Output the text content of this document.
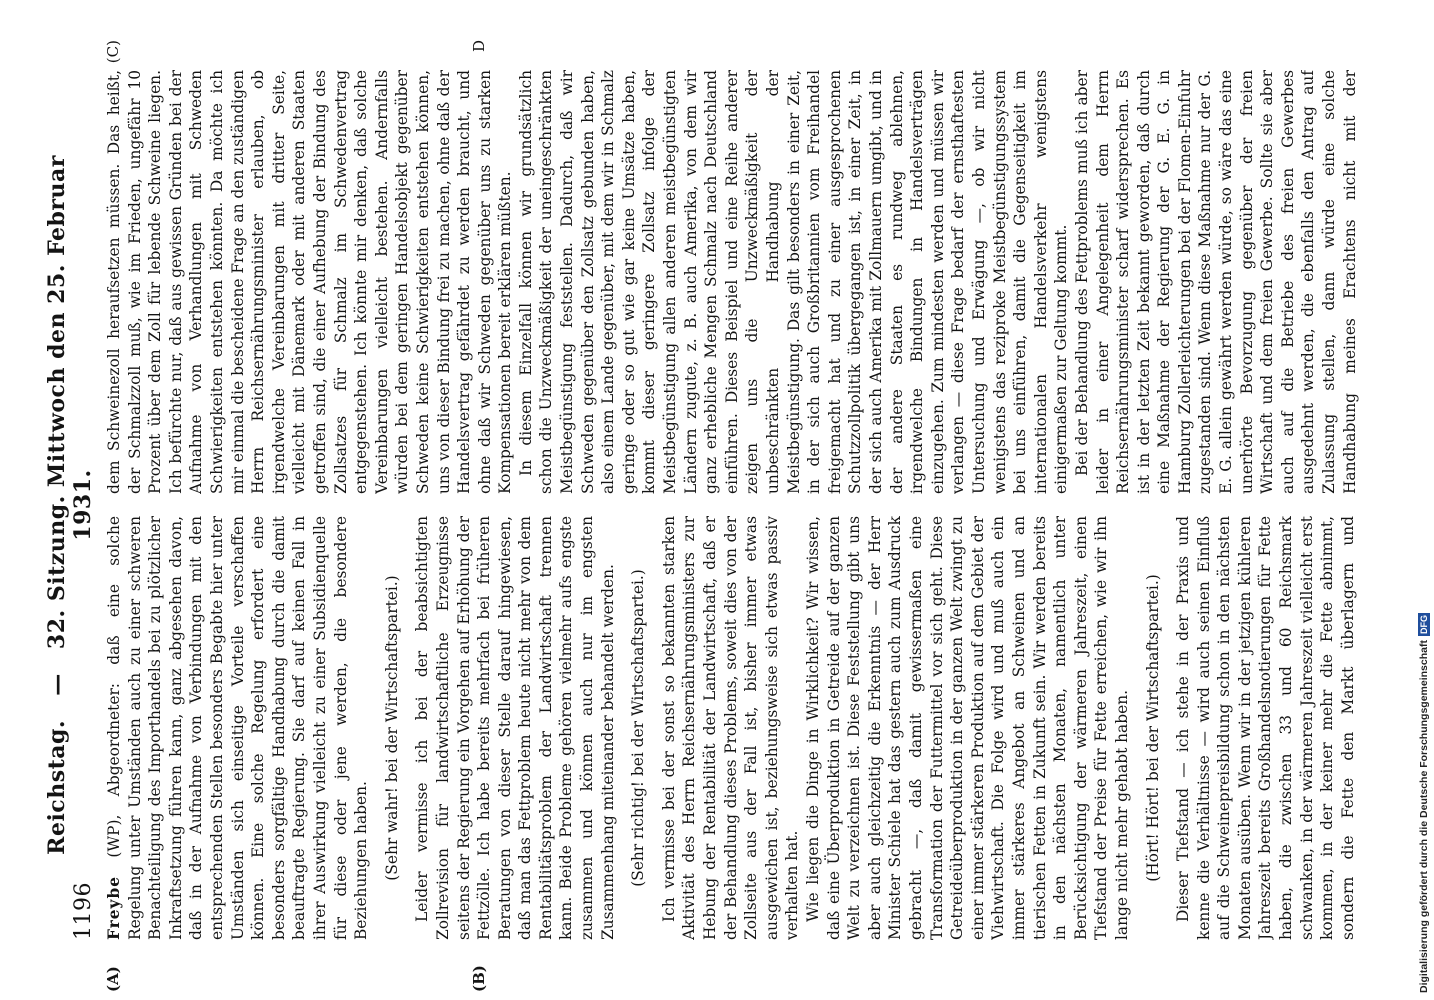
1196
Reichstag. — 32. Sitzung. Mittwoch den 25. Februar 1931.
(A)	(B)
(C)	D

Freybe (WP), Abgeordneter: daß eine solche Regelung unter Umständen auch zu einer schweren Benachteiligung des Importhandels bei zu plötzlicher Inkraftsetzung führen kann, ganz abgesehen davon, daß in der Aufnahme von Verbindungen mit den entsprechenden Stellen besonders Begabte hier unter Umständen sich einseitige Vorteile verschaffen können. Eine solche Regelung erfordert eine besonders sorgfältige Handhabung durch die damit beauftragte Regierung. Sie darf auf keinen Fall in ihrer Auswirkung vielleicht zu einer Subsidienquelle für diese oder jene werden, die besondere Beziehungen haben. (Sehr wahr! bei der Wirtschaftspartei.) Leider vermisse ich bei der beabsichtigten Zollrevision für landwirtschaftliche Erzeugnisse seitens der Regierung ein Vorgehen auf Erhöhung der Fettzölle. Ich habe bereits mehrfach bei früheren Beratungen von dieser Stelle darauf hingewiesen, daß man das Fettproblem heute nicht mehr von dem Rentabilitätsproblem der Landwirtschaft trennen kann. Beide Probleme gehören vielmehr aufs engste zusammen und können auch nur im engsten Zusammenhang miteinander behandelt werden. (Sehr richtig! bei der Wirtschaftspartei.) Ich vermisse bei der sonst so bekannten starken Aktivität des Herrn Reichsernährungsministers zur Hebung der Rentabilität der Landwirtschaft, daß er der Behandlung dieses Problems, soweit dies von der Zollseite aus der Fall ist, bisher immer etwas ausgewichen ist, beziehungsweise sich etwas passiv verhalten hat. Wie liegen die Dinge in Wirklichkeit? Wir wissen, daß eine Überproduktion in Getreide auf der ganzen Welt zu verzeichnen ist. Diese Feststellung gibt uns aber auch gleichzeitig die Erkenntnis — der Herr Minister Schiele hat das gestern auch zum Ausdruck gebracht —, daß damit gewissermaßen eine Transformation der Futtermittel vor sich geht. Diese Getreideüberproduktion in der ganzen Welt zwingt zu einer immer stärkeren Produktion auf dem Gebiet der Viehwirtschaft. Die Folge wird und muß auch ein immer stärkeres Angebot an Schweinen und an tierischen Fetten in Zukunft sein. Wir werden bereits in den nächsten Monaten, namentlich unter Berücksichtigung der wärmeren Jahreszeit, einen Tiefstand der Preise für Fette erreichen, wie wir ihn lange nicht mehr gehabt haben. (Hört! Hört! bei der Wirtschaftspartei.)

Dieser Tiefstand — ich stehe in der Praxis und kenne die Verhältnisse — wird auch seinen Einfluß auf die Schweinepreisbildung schon in den nächsten Monaten ausüben. Wenn wir in der jetzigen kühleren Jahreszeit bereits Großhandelsnotierungen für Fette haben, die zwischen 33 und 60 Reichsmark schwanken, in der wärmeren Jahreszeit vielleicht erst kommen, in der keiner mehr die Fette abnimmt, sondern die Fette den Markt überlagern und

dem Schweinezoll heraufsetzen müssen. Das heißt, der Schmalzzoll muß, wie im Frieden, ungefähr 10 Prozent über dem Zoll für lebende Schweine liegen. Ich befürchte nur, daß aus gewissen Gründen bei der Aufnahme von Verhandlungen mit Schweden Schwierigkeiten entstehen könnten. Da möchte ich mir einmal die bescheidene Frage an den zuständigen Herrn Reichsernährungsminister erlauben, ob irgendwelche Vereinbarungen mit dritter Seite, vielleicht mit Dänemark oder mit anderen Staaten getroffen sind, die einer Aufhebung der Bindung des Zollsatzes für Schmalz im Schwedenvertrag entgegenstehen. Ich könnte mir denken, daß solche Vereinbarungen vielleicht bestehen. Andernfalls würden bei dem geringen Handelsobjekt gegenüber Schweden keine Schwierigkeiten entstehen können, uns von dieser Bindung frei zu machen, ohne daß der Handelsvertrag gefährdet zu werden braucht, und ohne daß wir Schweden gegenüber uns zu starken Kompensationen bereit erklären müßten. In diesem Einzelfall können wir grundsätzlich schon die Unzweckmäßigkeit der uneingeschränkten Meistbegünstigung feststellen. Dadurch, daß wir Schweden gegenüber den Zollsatz gebunden haben, also einem Lande gegenüber, mit dem wir in Schmalz geringe oder so gut wie gar keine Umsätze haben, kommt dieser geringere Zollsatz infolge der Meistbegünstigung allen anderen meistbegünstigten Ländern zugute, z. B. auch Amerika, von dem wir ganz erhebliche Mengen Schmalz nach Deutschland einführen. Dieses Beispiel und eine Reihe anderer zeigen uns die Unzweckmäßigkeit der unbeschränkten Handhabung der Meistbegünstigung. Das gilt besonders in einer Zeit, in der sich auch Großbritannien vom Freihandel freigemacht hat und zu einer ausgesprochenen Schutzzollpolitik übergegangen ist, in einer Zeit, in der sich auch Amerika mit Zollmauern umgibt, und in der andere Staaten es rundweg ablehnen, irgendwelche Bindungen in Handelsverträgen einzugehen. Zum mindesten werden und müssen wir verlangen — diese Frage bedarf der ernsthaftesten Untersuchung und Erwägung —, ob wir nicht wenigstens das reziproke Meistbegünstigungssystem bei uns einführen, damit die Gegenseitigkeit im internationalen Handelsverkehr wenigstens einigermaßen zur Geltung kommt. Bei der Behandlung des Fettproblems muß ich aber leider in einer Angelegenheit dem Herrn Reichsernährungsminister scharf widersprechen. Es ist in der letzten Zeit bekannt geworden, daß durch eine Maßnahme der Regierung der G. E. G. in Hamburg Zollerleichterungen bei der Flomen-Einfuhr zugestanden sind. Wenn diese Maßnahme nur der G. E. G. allein gewährt werden würde, so wäre das eine unerhörte Bevorzugung gegenüber der freien Wirtschaft und dem freien Gewerbe. Sollte sie aber auch auf die Betriebe des freien Gewerbes ausgedehnt werden, die ebenfalls den Antrag auf Zulassung stellen, dann würde eine solche Handhabung meines Erachtens nicht mit der

Digitalisierung gefördert durch die Deutsche Forschungsgemeinschaft
DFG
